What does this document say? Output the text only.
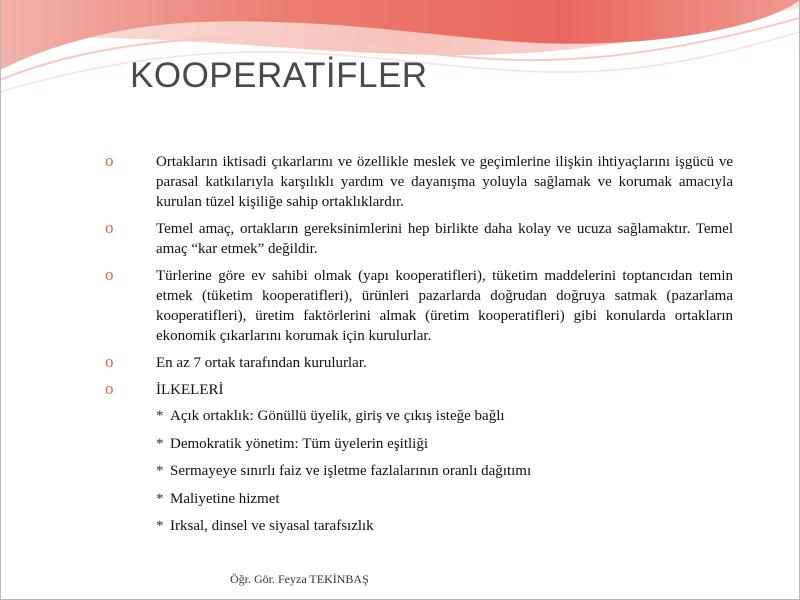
KOOPERATİFLER
o	Ortakların iktisadi çıkarlarını ve özellikle meslek ve geçimlerine ilişkin ihtiyaçlarını işgücü ve parasal katkılarıyla karşılıklı yardım ve dayanışma yoluyla sağlamak ve korumak amacıyla kurulan tüzel kişiliğe sahip ortaklıklardır.
o	Temel amaç, ortakların gereksinimlerini hep birlikte daha kolay ve ucuza sağlamaktır. Temel amaç “kar etmek” değildir.
o	Türlerine göre ev sahibi olmak (yapı kooperatifleri), tüketim maddelerini toptancıdan temin etmek (tüketim kooperatifleri), ürünleri pazarlarda doğrudan doğruya satmak (pazarlama kooperatifleri), üretim faktörlerini almak (üretim kooperatifleri) gibi konularda ortakların ekonomik çıkarlarını korumak için kurulurlar.
o	En az 7 ortak tarafından kurulurlar.
o	İLKELERİ
* Açık ortaklık: Gönüllü üyelik, giriş ve çıkış isteğe bağlı
* Demokratik yönetim: Tüm üyelerin eşitliği
* Sermayeye sınırlı faiz ve işletme fazlalarının oranlı dağıtımı
* Maliyetine hizmet
* Irksal, dinsel ve siyasal tarafsızlık
Öğr. Gör. Feyza TEKİNBAŞ
